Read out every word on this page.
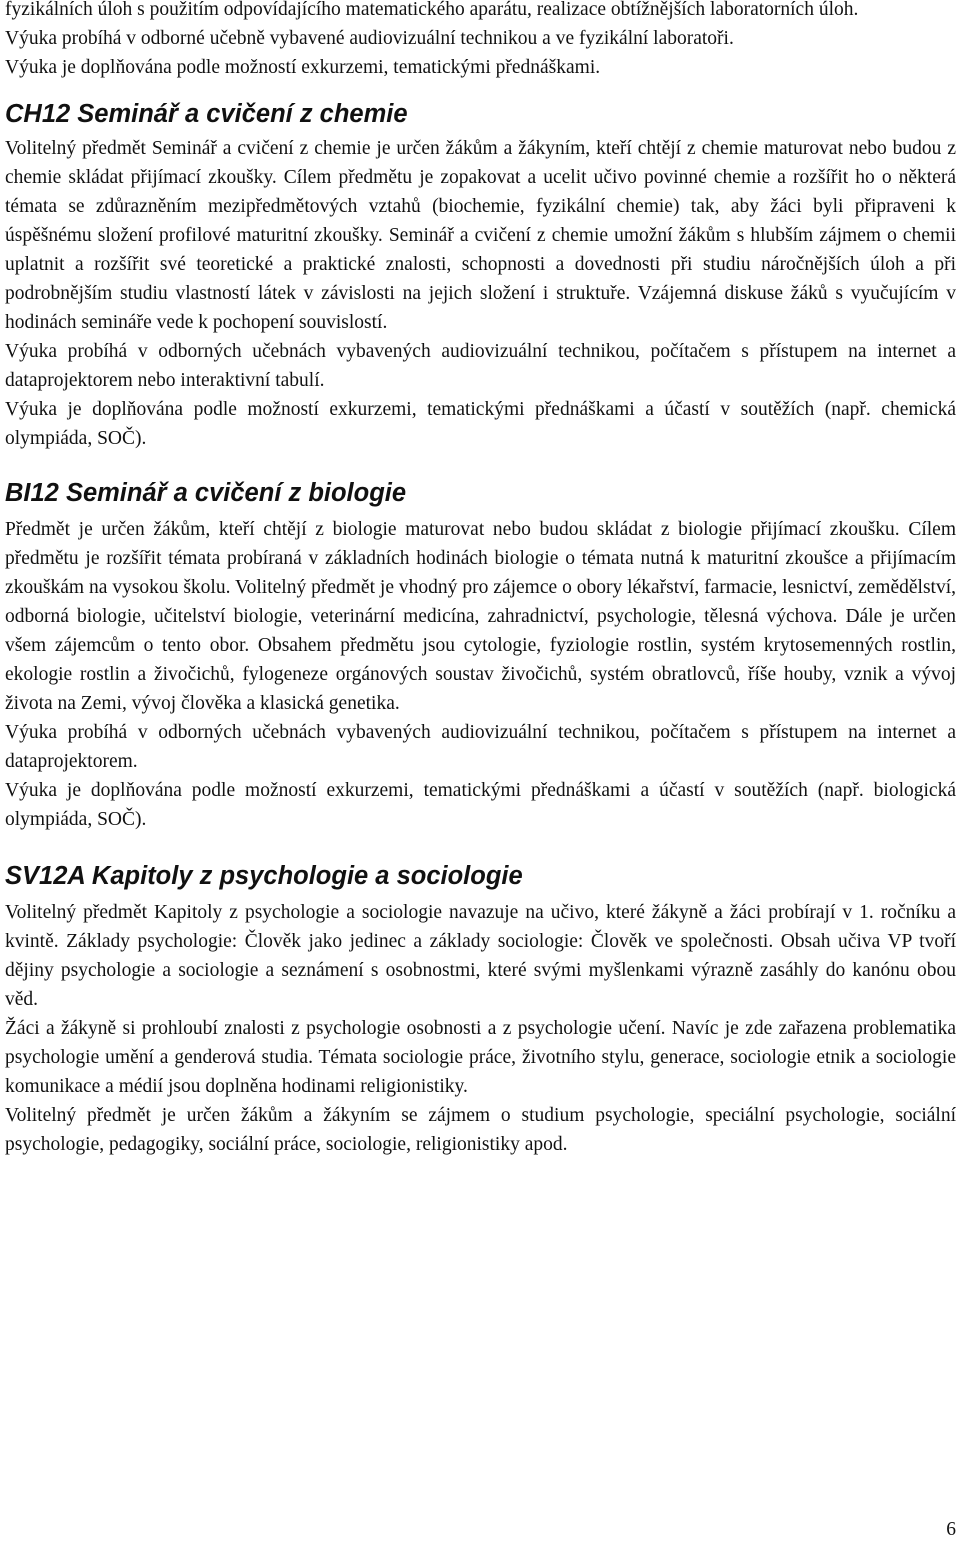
fyzikálních úloh s použitím odpovídajícího matematického aparátu, realizace obtížnějších laboratorních úloh.

Výuka probíhá v odborné učebně vybavené audiovizuální technikou a ve fyzikální laboratoři.

Výuka je doplňována podle možností exkurzemi, tematickými přednáškami.

CH12 Seminář a cvičení z chemie

Volitelný předmět Seminář a cvičení z chemie je určen žákům a žákyním, kteří chtějí z chemie maturovat nebo budou z chemie skládat přijímací zkoušky. Cílem předmětu je zopakovat a ucelit učivo povinné chemie a rozšířit ho o některá témata se zdůrazněním mezipředmětových vztahů (biochemie, fyzikální chemie) tak, aby žáci byli připraveni k úspěšnému složení profilové maturitní zkoušky. Seminář a cvičení z chemie umožní žákům s hlubším zájmem o chemii uplatnit a rozšířit své teoretické a praktické znalosti, schopnosti a dovednosti při studiu náročnějších úloh a při podrobnějším studiu vlastností látek v závislosti na jejich složení i struktuře. Vzájemná diskuse žáků s vyučujícím v hodinách semináře vede k pochopení souvislostí.

Výuka probíhá v odborných učebnách vybavených audiovizuální technikou, počítačem s přístupem na internet a dataprojektorem nebo interaktivní tabulí.

Výuka je doplňována podle možností exkurzemi, tematickými přednáškami a účastí v soutěžích (např. chemická olympiáda, SOČ).

BI12 Seminář a cvičení z biologie

Předmět je určen žákům, kteří chtějí z biologie maturovat nebo budou skládat z biologie přijímací zkoušku. Cílem předmětu je rozšířit témata probíraná v základních hodinách biologie o témata nutná k maturitní zkoušce a přijímacím zkouškám na vysokou školu. Volitelný předmět je vhodný pro zájemce o obory lékařství, farmacie, lesnictví, zemědělství, odborná biologie, učitelství biologie, veterinární medicína, zahradnictví, psychologie, tělesná výchova. Dále je určen všem zájemcům o tento obor. Obsahem předmětu jsou cytologie, fyziologie rostlin, systém krytosemenných rostlin, ekologie rostlin a živočichů, fylogeneze orgánových soustav živočichů, systém obratlovců, říše houby, vznik a vývoj života na Zemi, vývoj člověka a klasická genetika.

Výuka probíhá v odborných učebnách vybavených audiovizuální technikou, počítačem s přístupem na internet a dataprojektorem.

Výuka je doplňována podle možností exkurzemi, tematickými přednáškami a účastí v soutěžích (např. biologická olympiáda, SOČ).

SV12A Kapitoly z psychologie a sociologie

Volitelný předmět Kapitoly z psychologie a sociologie navazuje na učivo, které žákyně a žáci probírají v 1. ročníku a kvintě. Základy psychologie: Člověk jako jedinec a základy sociologie: Člověk ve společnosti. Obsah učiva VP tvoří dějiny psychologie a sociologie a seznámení s osobnostmi, které svými myšlenkami výrazně zasáhly do kanónu obou věd.

Žáci a žákyně si prohloubí znalosti z psychologie osobnosti a z psychologie učení. Navíc je zde zařazena problematika psychologie umění a genderová studia. Témata sociologie práce, životního stylu, generace, sociologie etnik a sociologie komunikace a médií jsou doplněna hodinami religionistiky.

Volitelný předmět je určen žákům a žákyním se zájmem o studium psychologie, speciální psychologie, sociální psychologie, pedagogiky, sociální práce, sociologie, religionistiky apod.

6
